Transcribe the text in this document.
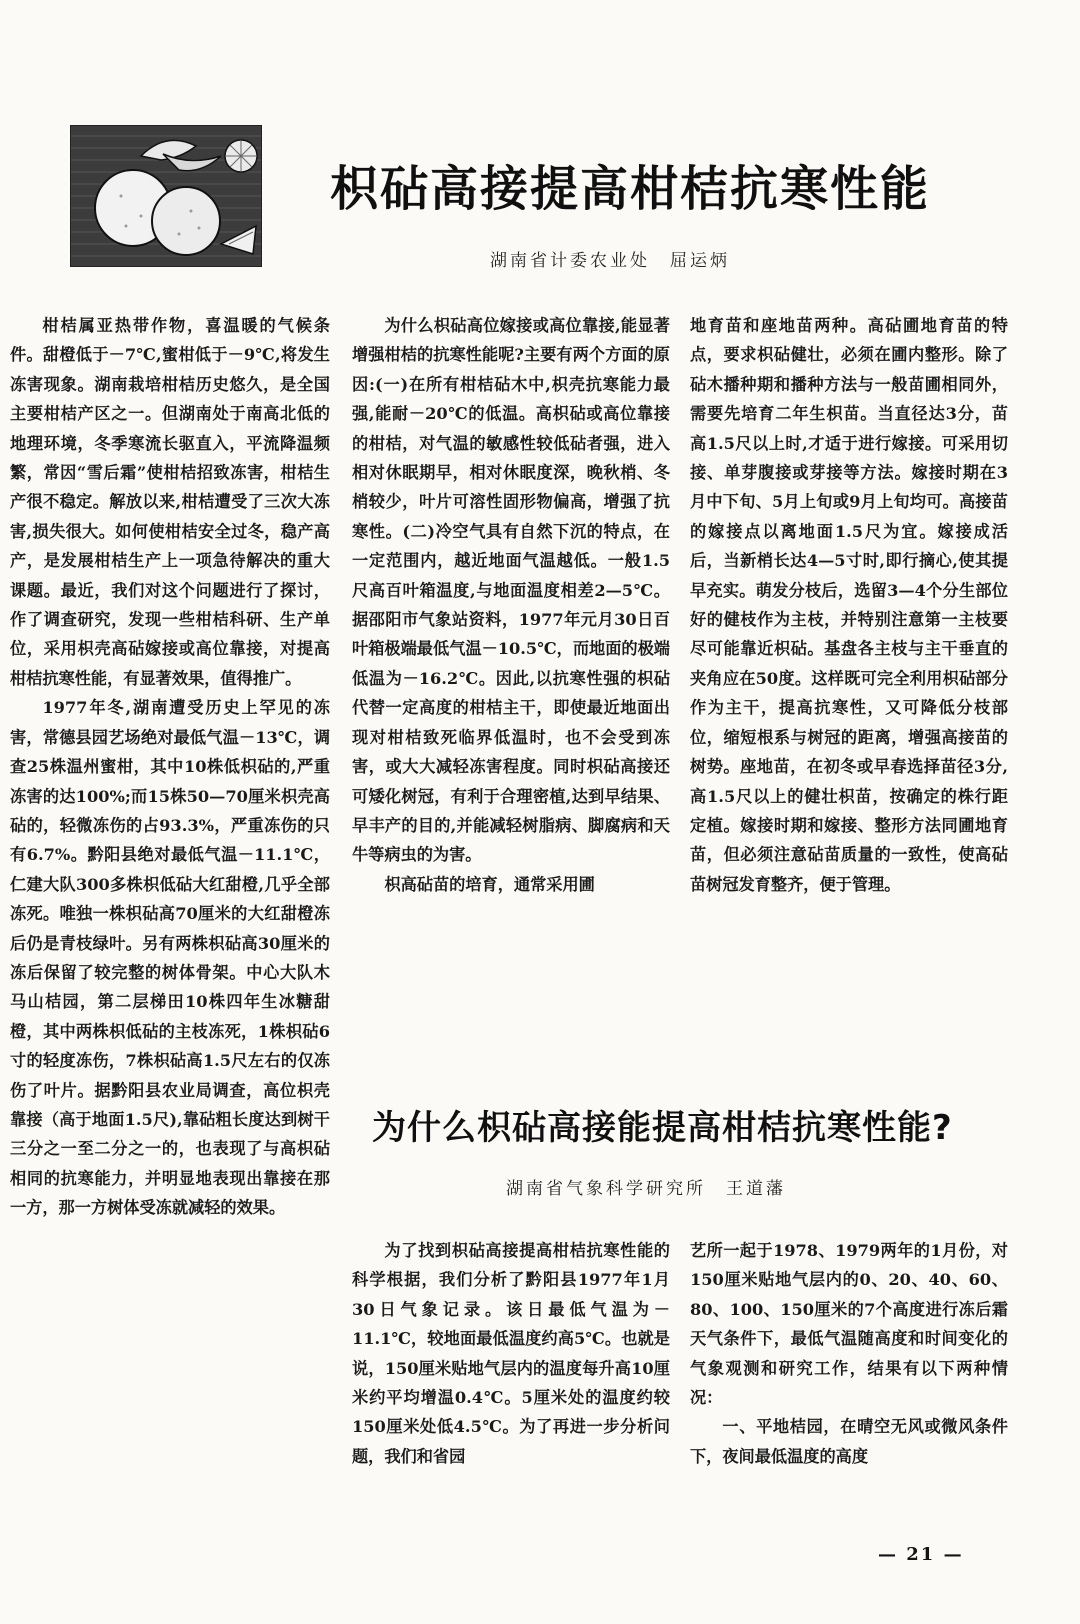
枳砧高接提高柑桔抗寒性能
湖南省计委农业处　屈运炳

柑桔属亚热带作物，喜温暖的气候条件。甜橙低于－7℃,蜜柑低于－9℃,将发生冻害现象。湖南栽培柑桔历史悠久，是全国主要柑桔产区之一。但湖南处于南高北低的地理环境，冬季寒流长驱直入，平流降温频繁，常因“雪后霜”使柑桔招致冻害，柑桔生产很不稳定。解放以来,柑桔遭受了三次大冻害,损失很大。如何使柑桔安全过冬，稳产高产，是发展柑桔生产上一项急待解决的重大课题。最近，我们对这个问题进行了探讨，作了调查研究，发现一些柑桔科研、生产单位，采用枳壳高砧嫁接或高位靠接，对提高柑桔抗寒性能，有显著效果，值得推广。

1977年冬,湖南遭受历史上罕见的冻害，常德县园艺场绝对最低气温－13℃，调查25株温州蜜柑，其中10株低枳砧的,严重冻害的达100%;而15株50—70厘米枳壳高砧的，轻微冻伤的占93.3%，严重冻伤的只有6.7%。黔阳县绝对最低气温－11.1℃，仁建大队300多株枳低砧大红甜橙,几乎全部冻死。唯独一株枳砧高70厘米的大红甜橙冻后仍是青枝绿叶。另有两株枳砧高30厘米的冻后保留了较完整的树体骨架。中心大队木马山桔园，第二层梯田10株四年生冰糖甜橙，其中两株枳低砧的主枝冻死，1株枳砧6寸的轻度冻伤，7株枳砧高1.5尺左右的仅冻伤了叶片。据黔阳县农业局调查，高位枳壳靠接（高于地面1.5尺),靠砧粗长度达到树干三分之一至二分之一的，也表现了与高枳砧相同的抗寒能力，并明显地表现出靠接在那一方，那一方树体受冻就减轻的效果。

为什么枳砧高位嫁接或高位靠接,能显著增强柑桔的抗寒性能呢?主要有两个方面的原因:(一)在所有柑桔砧木中,枳壳抗寒能力最强,能耐－20℃的低温。高枳砧或高位靠接的柑桔，对气温的敏感性较低砧者强，进入相对休眠期早，相对休眠度深，晚秋梢、冬梢较少，叶片可溶性固形物偏高，增强了抗寒性。(二)冷空气具有自然下沉的特点，在一定范围内，越近地面气温越低。一般1.5尺高百叶箱温度,与地面温度相差2—5℃。据邵阳市气象站资料，1977年元月30日百叶箱极端最低气温－10.5℃，而地面的极端低温为－16.2℃。因此,以抗寒性强的枳砧代替一定高度的柑桔主干，即使最近地面出现对柑桔致死临界低温时，也不会受到冻害，或大大减轻冻害程度。同时枳砧高接还可矮化树冠，有利于合理密植,达到早结果、早丰产的目的,并能减轻树脂病、脚腐病和天牛等病虫的为害。

枳高砧苗的培育，通常采用圃

地育苗和座地苗两种。高砧圃地育苗的特点，要求枳砧健壮，必须在圃内整形。除了砧木播种期和播种方法与一般苗圃相同外，需要先培育二年生枳苗。当直径达3分，苗高1.5尺以上时,才适于进行嫁接。可采用切接、单芽腹接或芽接等方法。嫁接时期在3月中下旬、5月上旬或9月上旬均可。高接苗的嫁接点以离地面1.5尺为宜。嫁接成活后，当新梢长达4—5寸时,即行摘心,使其提早充实。萌发分枝后，选留3—4个分生部位好的健枝作为主枝，并特别注意第一主枝要尽可能靠近枳砧。基盘各主枝与主干垂直的夹角应在50度。这样既可完全利用枳砧部分作为主干，提高抗寒性，又可降低分枝部位，缩短根系与树冠的距离，增强高接苗的树势。座地苗，在初冬或早春选择苗径3分,高1.5尺以上的健壮枳苗，按确定的株行距定植。嫁接时期和嫁接、整形方法同圃地育苗，但必须注意砧苗质量的一致性，使高砧苗树冠发育整齐，便于管理。

为什么枳砧高接能提高柑桔抗寒性能?
湖南省气象科学研究所　王道藩

为了找到枳砧高接提高柑桔抗寒性能的科学根据，我们分析了黔阳县1977年1月30日气象记录。该日最低气温为－11.1℃，较地面最低温度约高5℃。也就是说，150厘米贴地气层内的温度每升高10厘米约平均增温0.4℃。5厘米处的温度约较150厘米处低4.5℃。为了再进一步分析问题，我们和省园

艺所一起于1978、1979两年的1月份，对150厘米贴地气层内的0、20、40、60、80、100、150厘米的7个高度进行冻后霜天气条件下，最低气温随高度和时间变化的气象观测和研究工作，结果有以下两种情况：

一、平地桔园，在晴空无风或微风条件下，夜间最低温度的高度

— 21 —
